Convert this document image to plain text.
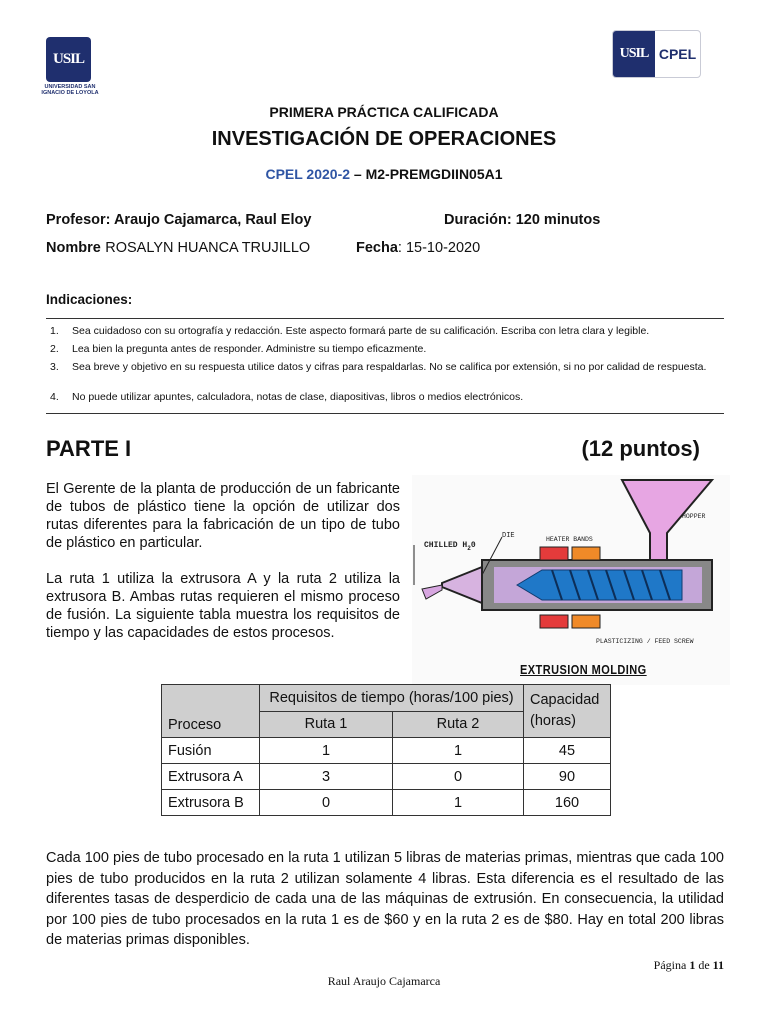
USIL
UNIVERSIDAD SAN IGNACIO DE LOYOLA
USIL CPEL
PRIMERA PRÁCTICA CALIFICADA
INVESTIGACIÓN DE OPERACIONES
CPEL 2020-2 – M2-PREMGDIIN05A1
Profesor: Araujo Cajamarca, Raul Eloy	Duración: 120 minutos
Nombre ROSALYN HUANCA TRUJILLO	Fecha: 15-10-2020
Indicaciones:
1. Sea cuidadoso con su ortografía y redacción. Este aspecto formará parte de su calificación. Escriba con letra clara y legible.
2. Lea bien la pregunta antes de responder. Administre su tiempo eficazmente.
3. Sea breve y objetivo en su respuesta utilice datos y cifras para respaldarlas. No se califica por extensión, si no por calidad de respuesta.
4. No puede utilizar apuntes, calculadora, notas de clase, diapositivas, libros o medios electrónicos.
PARTE I	(12 puntos)
El Gerente de la planta de producción de un fabricante de tubos de plástico tiene la opción de utilizar dos rutas diferentes para la fabricación de un tipo de tubo de plástico en particular.
La ruta 1 utiliza la extrusora A y la ruta 2 utiliza la extrusora B. Ambas rutas requieren el mismo proceso de fusión. La siguiente tabla muestra los requisitos de tiempo y las capacidades de estos procesos.
CHILLED $H_20$
DIE	HEATER BANDS
HOPPER
PLASTICIZING / FEED SCREW
EXTRUSION MOLDING
Proceso	Requisitos de tiempo (horas/100 pies)		Capacidad (horas)
	Ruta 1	Ruta 2	
Fusión	1	1	45
Extrusora A	3	0	90
Extrusora B	0	1	160
Cada 100 pies de tubo procesado en la ruta 1 utilizan 5 libras de materias primas, mientras que cada 100 pies de tubo producidos en la ruta 2 utilizan solamente 4 libras. Esta diferencia es el resultado de las diferentes tasas de desperdicio de cada una de las máquinas de extrusión. En consecuencia, la utilidad por 100 pies de tubo procesados en la ruta 1 es de $60 y en la ruta 2 es de $80. Hay en total 200 libras de materias primas disponibles.
Página 1 de 11
Raul Araujo Cajamarca
